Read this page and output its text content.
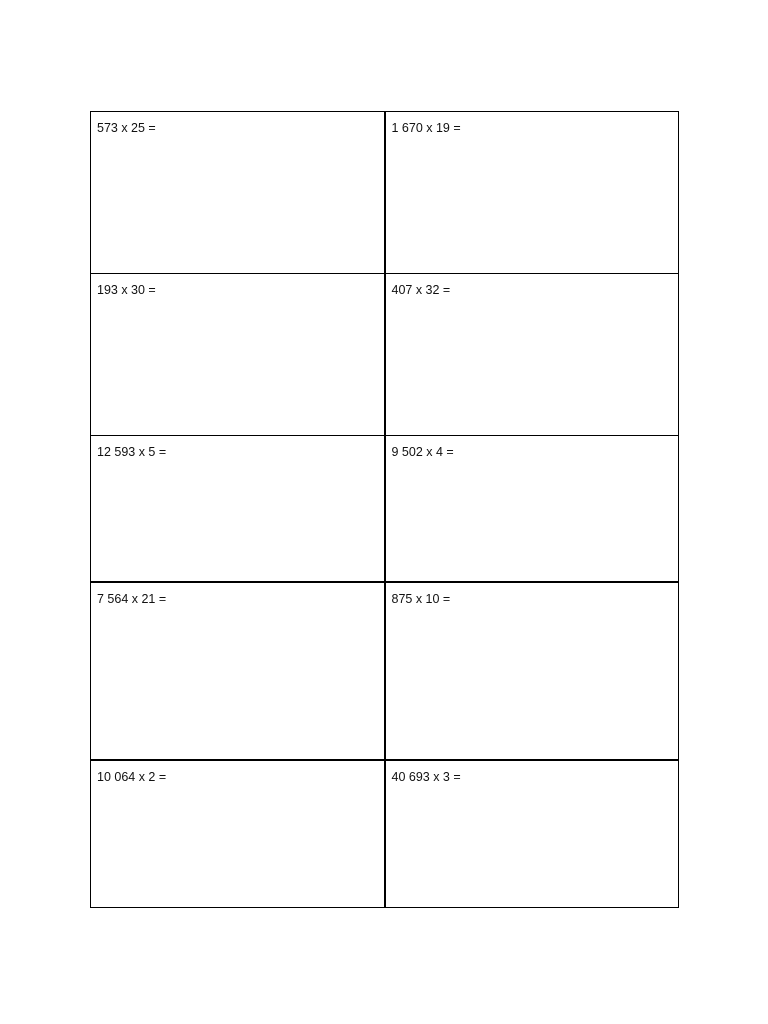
573 x 25 =	1 670 x 19 =

193 x 30 =	407 x 32 =

12 593 x 5 =	9 502 x 4 =

7 564 x 21 =	875 x 10 =

10 064 x 2 =	40 693 x 3 =
